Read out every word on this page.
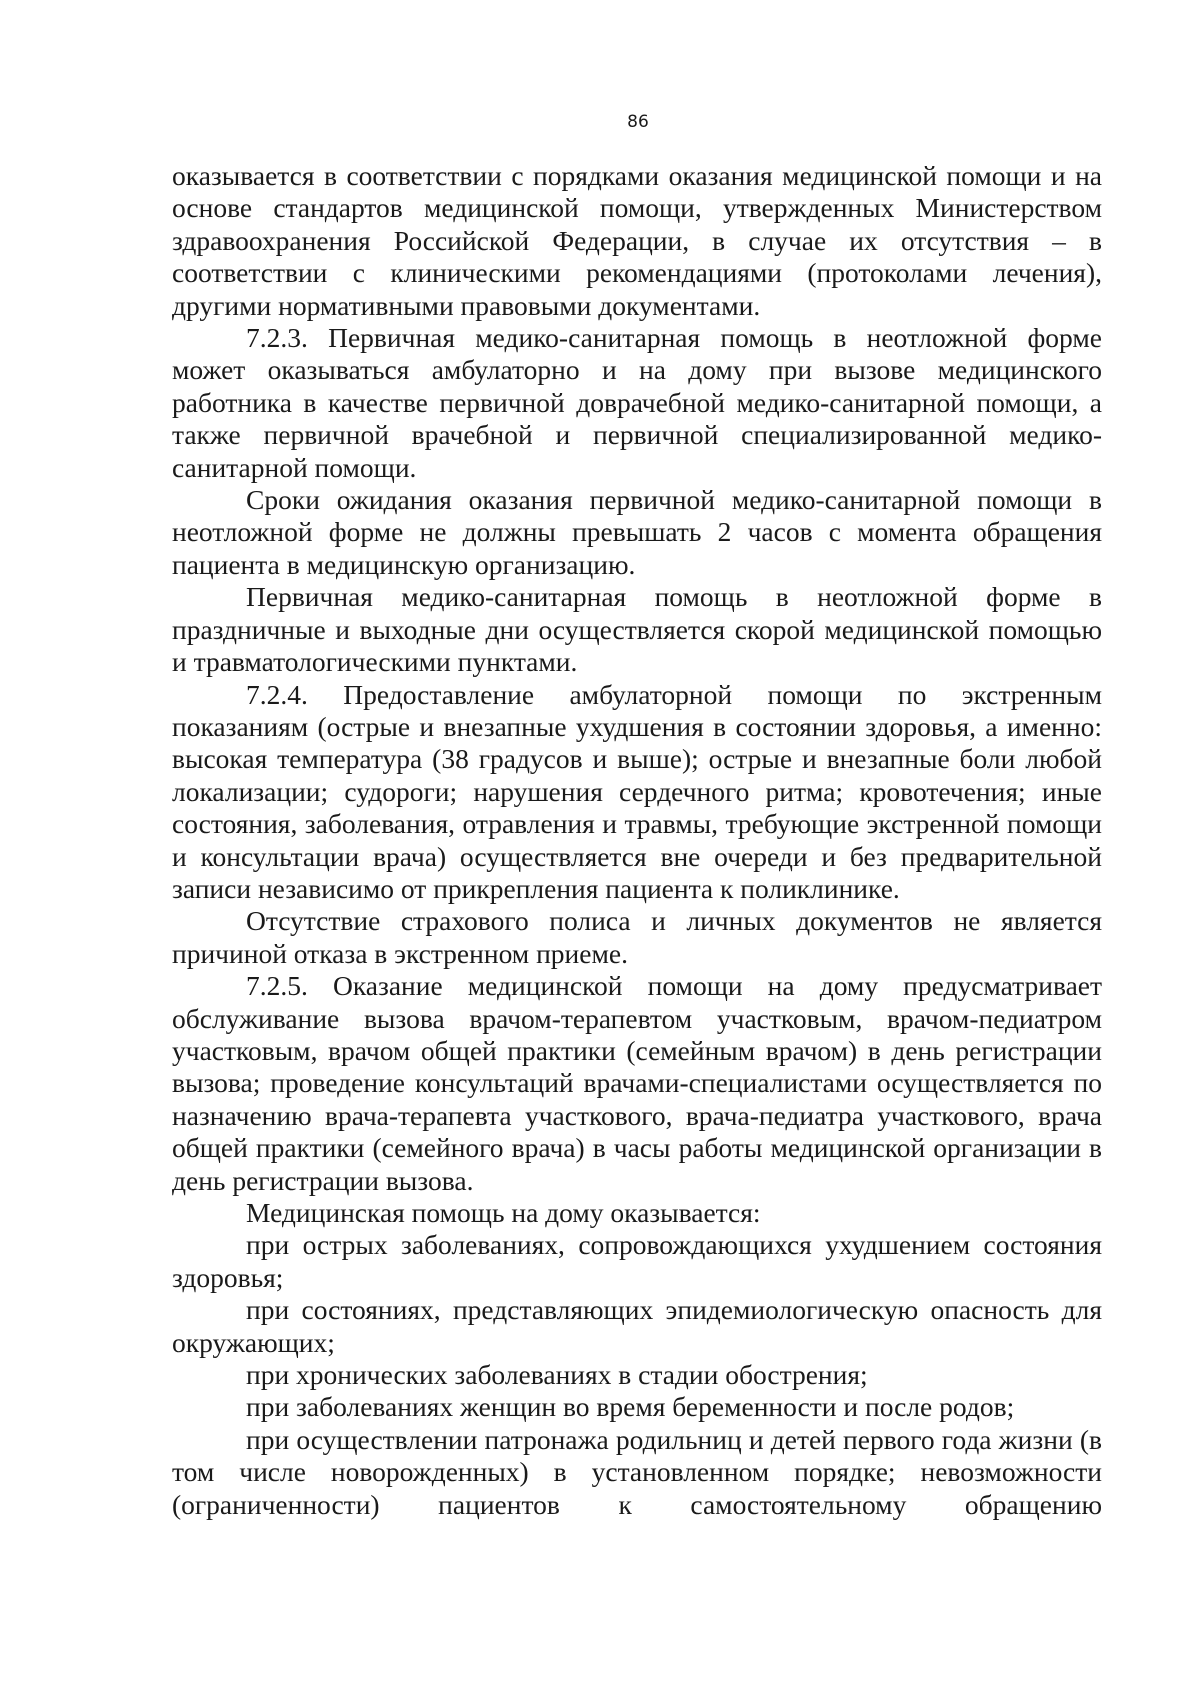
86

оказывается в соответствии с порядками оказания медицинской помощи и на основе стандартов медицинской помощи, утвержденных Министерством здравоохранения Российской Федерации, в случае их отсутствия – в соответствии с клиническими рекомендациями (протоколами лечения), другими нормативными правовыми документами.

7.2.3. Первичная медико-санитарная помощь в неотложной форме может оказываться амбулаторно и на дому при вызове медицинского работника в качестве первичной доврачебной медико-санитарной помощи, а также первичной врачебной и первичной специализированной медико-санитарной помощи.

Сроки ожидания оказания первичной медико-санитарной помощи в неотложной форме не должны превышать 2 часов с момента обращения пациента в медицинскую организацию.

Первичная медико-санитарная помощь в неотложной форме в праздничные и выходные дни осуществляется скорой медицинской помощью и травматологическими пунктами.

7.2.4. Предоставление амбулаторной помощи по экстренным показаниям (острые и внезапные ухудшения в состоянии здоровья, а именно: высокая температура (38 градусов и выше); острые и внезапные боли любой локализации; судороги; нарушения сердечного ритма; кровотечения; иные состояния, заболевания, отравления и травмы, требующие экстренной помощи и консультации врача) осуществляется вне очереди и без предварительной записи независимо от прикрепления пациента к поликлинике.

Отсутствие страхового полиса и личных документов не является причиной отказа в экстренном приеме.

7.2.5. Оказание медицинской помощи на дому предусматривает обслуживание вызова врачом-терапевтом участковым, врачом-педиатром участковым, врачом общей практики (семейным врачом) в день регистрации вызова; проведение консультаций врачами-специалистами осуществляется по назначению врача-терапевта участкового, врача-педиатра участкового, врача общей практики (семейного врача) в часы работы медицинской организации в день регистрации вызова.

Медицинская помощь на дому оказывается:

при острых заболеваниях, сопровождающихся ухудшением состояния здоровья;

при состояниях, представляющих эпидемиологическую опасность для окружающих;

при хронических заболеваниях в стадии обострения;

при заболеваниях женщин во время беременности и после родов;

при осуществлении патронажа родильниц и детей первого года жизни (в том числе новорожденных) в установленном порядке; невозможности (ограниченности) пациентов к самостоятельному обращению
